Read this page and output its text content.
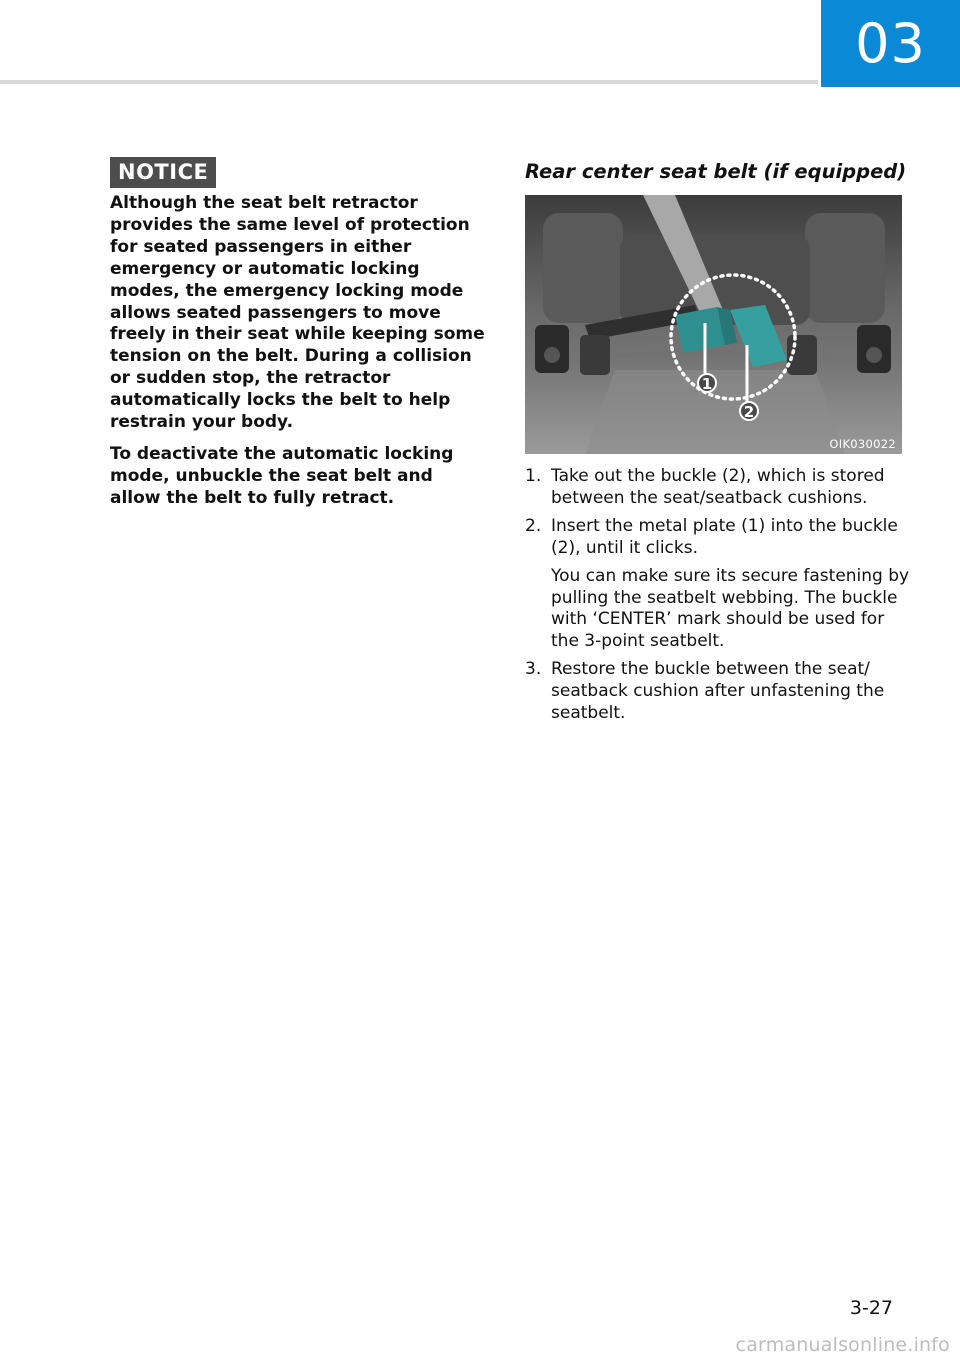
03
NOTICE

Although the seat belt retractor provides the same level of protection for seated passengers in either emergency or automatic locking modes, the emergency locking mode allows seated passengers to move freely in their seat while keeping some tension on the belt. During a collision or sudden stop, the retractor automatically locks the belt to help restrain your body.

To deactivate the automatic locking mode, unbuckle the seat belt and allow the belt to fully retract.

Rear center seat belt (if equipped)
1
2
OIK030022
1. Take out the buckle (2), which is stored between the seat/seatback cushions.
2. Insert the metal plate (1) into the buckle (2), until it clicks.
You can make sure its secure fastening by pulling the seatbelt webbing. The buckle with ‘CENTER’ mark should be used for the 3-point seatbelt.
3. Restore the buckle between the seat/ seatback cushion after unfastening the seatbelt.
3-27
carmanualsonline.info
